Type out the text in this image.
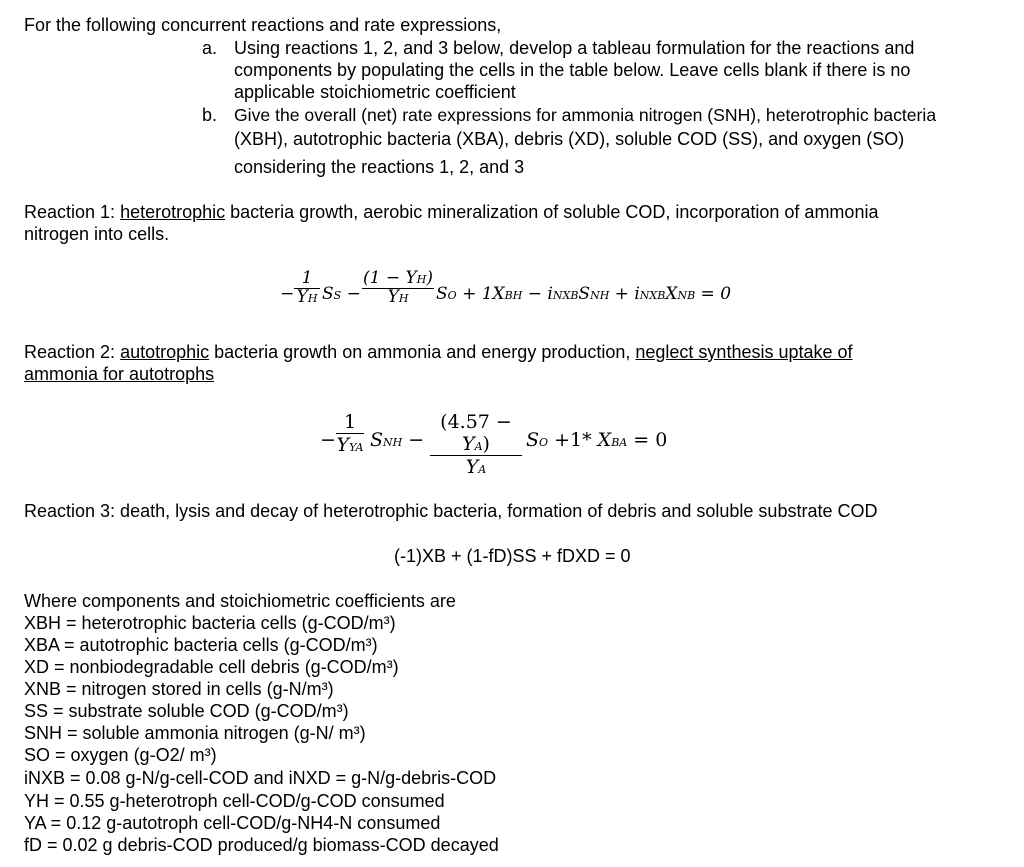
For the following concurrent reactions and rate expressions,
a. Using reactions 1, 2, and 3 below, develop a tableau formulation for the reactions and
components by populating the cells in the table below. Leave cells blank if there is no
applicable stoichiometric coefficient
b. Give the overall (net) rate expressions for ammonia nitrogen (SNH), heterotrophic bacteria
(XBH), autotrophic bacteria (XBA), debris (XD), soluble COD (SS), and oxygen (SO)
considering the reactions 1, 2, and 3
Reaction 1: heterotrophic bacteria growth, aerobic mineralization of soluble COD, incorporation of ammonia
nitrogen into cells.
−
1
YH SS −
(1 − YH)
YH	SO + 1XBH − iNXBSNH + iNXBXNB = 0
Reaction 2: autotrophic bacteria growth on ammonia and energy production, neglect synthesis uptake of
ammonia for autotrophs
−
1
YYA SNH −
(4.57 − YA)
YA
SO +1* XBA = 0
Reaction 3: death, lysis and decay of heterotrophic bacteria, formation of debris and soluble substrate COD
(-1)XB + (1-fD)SS + fDXD = 0
Where components and stoichiometric coefficients are
XBH = heterotrophic bacteria cells (g-COD/m³)
XBA = autotrophic bacteria cells (g-COD/m³)
XD = nonbiodegradable cell debris (g-COD/m³)
XNB = nitrogen stored in cells (g-N/m³)
SS = substrate soluble COD (g-COD/m³)
SNH = soluble ammonia nitrogen (g-N/ m³)
SO = oxygen (g-O2/ m³)
iNXB = 0.08 g-N/g-cell-COD and iNXD = g-N/g-debris-COD
YH = 0.55 g-heterotroph cell-COD/g-COD consumed
YA = 0.12 g-autotroph cell-COD/g-NH4-N consumed
fD = 0.02 g debris-COD produced/g biomass-COD decayed
